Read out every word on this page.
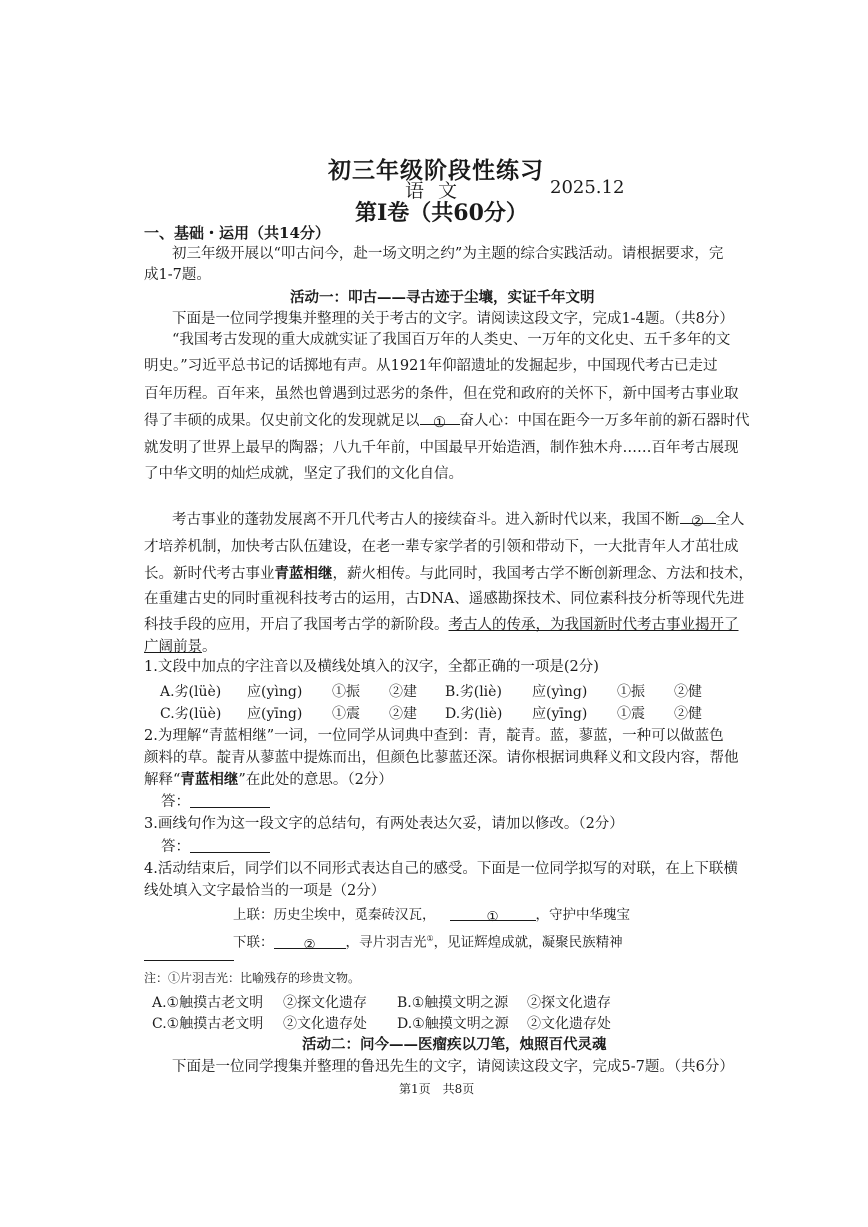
初三年级阶段性练习
语文	2025.12
第Ⅰ卷（共60分）
一、基础・运用（共14分）
初三年级开展以“叩古问今，赴一场文明之约”为主题的综合实践活动。请根据要求，完
成1-7题。
活动一：叩古——寻古迹于尘壤，实证千年文明
下面是一位同学搜集并整理的关于考古的文字。请阅读这段文字，完成1-4题。（共8分）
“我国考古发现的重大成就实证了我国百万年的人类史、一万年的文化史、五千多年的文
明史。”习近平总书记的话掷地有声。从1921年仰韶遗址的发掘起步，中国现代考古已走过
百年历程。百年来，虽然也曾遇到过恶劣的条件，但在党和政府的关怀下，新中国考古事业取
得了丰硕的成果。仅史前文化的发现就足以 ① 奋人心：中国在距今一万多年前的新石器时代
就发明了世界上最早的陶器；八九千年前，中国最早开始造酒，制作独木舟……百年考古展现
了中华文明的灿烂成就，坚定了我们的文化自信。
考古事业的蓬勃发展离不开几代考古人的接续奋斗。进入新时代以来，我国不断 ② 全人
才培养机制，加快考古队伍建设，在老一辈专家学者的引领和带动下，一大批青年人才茁壮成
长。新时代考古事业青蓝相继，薪火相传。与此同时，我国考古学不断创新理念、方法和技术，
在重建古史的同时重视科技考古的运用，古DNA、遥感勘探技术、同位素科技分析等现代先进
科技手段的应用，开启了我国考古学的新阶段。考古人的传承，为我国新时代考古事业揭开了
广阔前景。
1.文段中加点的字注音以及横线处填入的汉字，全都正确的一项是(2分)
A.劣(lüè) 应(yìng) ①振 ②建 B.劣(liè) 应(yìng) ①振 ②健
C.劣(lüè) 应(yīng) ①震 ②建 D.劣(liè) 应(yīng) ①震 ②健
2.为理解“青蓝相继”一词，一位同学从词典中查到：青，靛青。蓝，蓼蓝，一种可以做蓝色
颜料的草。靛青从蓼蓝中提炼而出，但颜色比蓼蓝还深。请你根据词典释义和文段内容，帮他
解释“青蓝相继”在此处的意思。（2分）
答：
3.画线句作为这一段文字的总结句，有两处表达欠妥，请加以修改。（2分）
答：
4.活动结束后，同学们以不同形式表达自己的感受。下面是一位同学拟写的对联，在上下联横
线处填入文字最恰当的一项是（2分）
上联：历史尘埃中，觅秦砖汉瓦，	①	，守护中华瑰宝
下联： ② ，寻片羽吉光①，见证辉煌成就，凝聚民族精神
注：①片羽吉光：比喻残存的珍贵文物。
A.①触摸古老文明 ②探文化遗存 B.①触摸文明之源 ②探文化遗存
C.①触摸古老文明 ②文化遗存处 D.①触摸文明之源 ②文化遗存处
活动二：问今——医瘤疾以刀笔，烛照百代灵魂
下面是一位同学搜集并整理的鲁迅先生的文字，请阅读这段文字，完成5-7题。（共6分）
第1页　共8页
